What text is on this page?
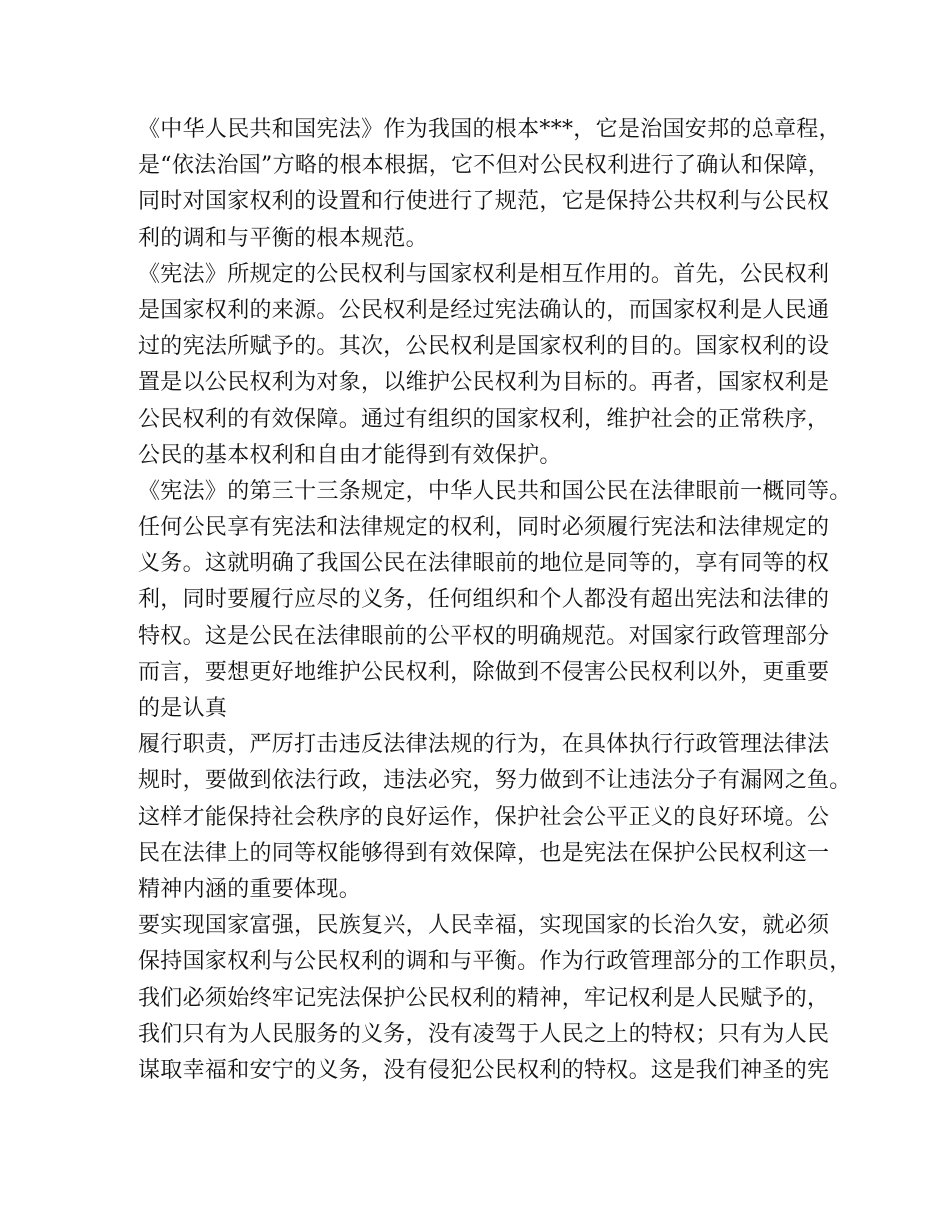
《中华人民共和国宪法》作为我国的根本***，它是治国安邦的总章程，
是“依法治国”方略的根本根据，它不但对公民权利进行了确认和保障，
同时对国家权利的设置和行使进行了规范，它是保持公共权利与公民权
利的调和与平衡的根本规范。
《宪法》所规定的公民权利与国家权利是相互作用的。首先，公民权利
是国家权利的来源。公民权利是经过宪法确认的，而国家权利是人民通
过的宪法所赋予的。其次，公民权利是国家权利的目的。国家权利的设
置是以公民权利为对象，以维护公民权利为目标的。再者，国家权利是
公民权利的有效保障。通过有组织的国家权利，维护社会的正常秩序，
公民的基本权利和自由才能得到有效保护。
《宪法》的第三十三条规定，中华人民共和国公民在法律眼前一概同等。
任何公民享有宪法和法律规定的权利，同时必须履行宪法和法律规定的
义务。这就明确了我国公民在法律眼前的地位是同等的，享有同等的权
利，同时要履行应尽的义务，任何组织和个人都没有超出宪法和法律的
特权。这是公民在法律眼前的公平权的明确规范。对国家行政管理部分
而言，要想更好地维护公民权利，除做到不侵害公民权利以外，更重要
的是认真
履行职责，严厉打击违反法律法规的行为，在具体执行行政管理法律法
规时，要做到依法行政，违法必究，努力做到不让违法分子有漏网之鱼。
这样才能保持社会秩序的良好运作，保护社会公平正义的良好环境。公
民在法律上的同等权能够得到有效保障，也是宪法在保护公民权利这一
精神内涵的重要体现。
要实现国家富强，民族复兴，人民幸福，实现国家的长治久安，就必须
保持国家权利与公民权利的调和与平衡。作为行政管理部分的工作职员，
我们必须始终牢记宪法保护公民权利的精神，牢记权利是人民赋予的，
我们只有为人民服务的义务，没有凌驾于人民之上的特权；只有为人民
谋取幸福和安宁的义务，没有侵犯公民权利的特权。这是我们神圣的宪
